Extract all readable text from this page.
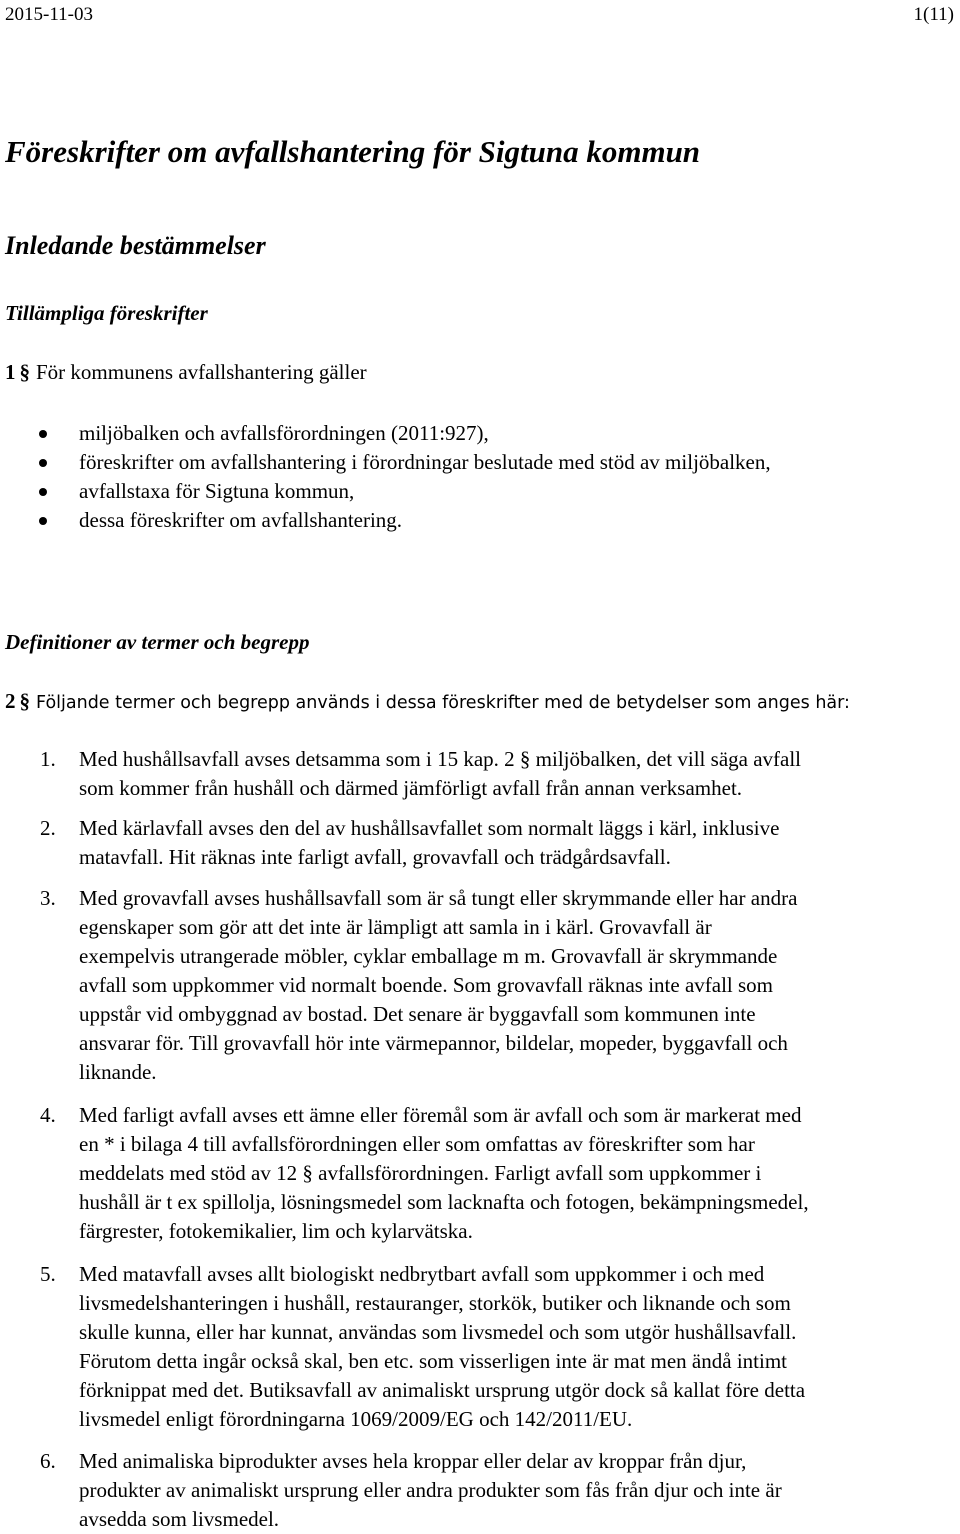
2015-11-03	1(11)
Föreskrifter om avfallshantering för Sigtuna kommun
Inledande bestämmelser
Tillämpliga föreskrifter

1 § För kommunens avfallshantering gäller

miljöbalken och avfallsförordningen (2011:927),
föreskrifter om avfallshantering i förordningar beslutade med stöd av miljöbalken,
avfallstaxa för Sigtuna kommun,
dessa föreskrifter om avfallshantering.
Definitioner av termer och begrepp

2 § Följande termer och begrepp används i dessa föreskrifter med de betydelser som anges här:

1. Med hushållsavfall avses detsamma som i 15 kap. 2 § miljöbalken, det vill säga avfall
som kommer från hushåll och därmed jämförligt avfall från annan verksamhet.
2. Med kärlavfall avses den del av hushållsavfallet som normalt läggs i kärl, inklusive
matavfall. Hit räknas inte farligt avfall, grovavfall och trädgårdsavfall.
3. Med grovavfall avses hushållsavfall som är så tungt eller skrymmande eller har andra
egenskaper som gör att det inte är lämpligt att samla in i kärl. Grovavfall är
exempelvis utrangerade möbler, cyklar emballage m m. Grovavfall är skrymmande
avfall som uppkommer vid normalt boende. Som grovavfall räknas inte avfall som
uppstår vid ombyggnad av bostad. Det senare är byggavfall som kommunen inte
ansvarar för. Till grovavfall hör inte värmepannor, bildelar, mopeder, byggavfall och
liknande.
4. Med farligt avfall avses ett ämne eller föremål som är avfall och som är markerat med
en * i bilaga 4 till avfallsförordningen eller som omfattas av föreskrifter som har
meddelats med stöd av 12 § avfallsförordningen. Farligt avfall som uppkommer i
hushåll är t ex spillolja, lösningsmedel som lacknafta och fotogen, bekämpningsmedel,
färgrester, fotokemikalier, lim och kylarvätska.
5. Med matavfall avses allt biologiskt nedbrytbart avfall som uppkommer i och med
livsmedelshanteringen i hushåll, restauranger, storkök, butiker och liknande och som
skulle kunna, eller har kunnat, användas som livsmedel och som utgör hushållsavfall.
Förutom detta ingår också skal, ben etc. som visserligen inte är mat men ändå intimt
förknippat med det. Butiksavfall av animaliskt ursprung utgör dock så kallat före detta
livsmedel enligt förordningarna 1069/2009/EG och 142/2011/EU.
6. Med animaliska biprodukter avses hela kroppar eller delar av kroppar från djur,
produkter av animaliskt ursprung eller andra produkter som fås från djur och inte är
avsedda som livsmedel.
